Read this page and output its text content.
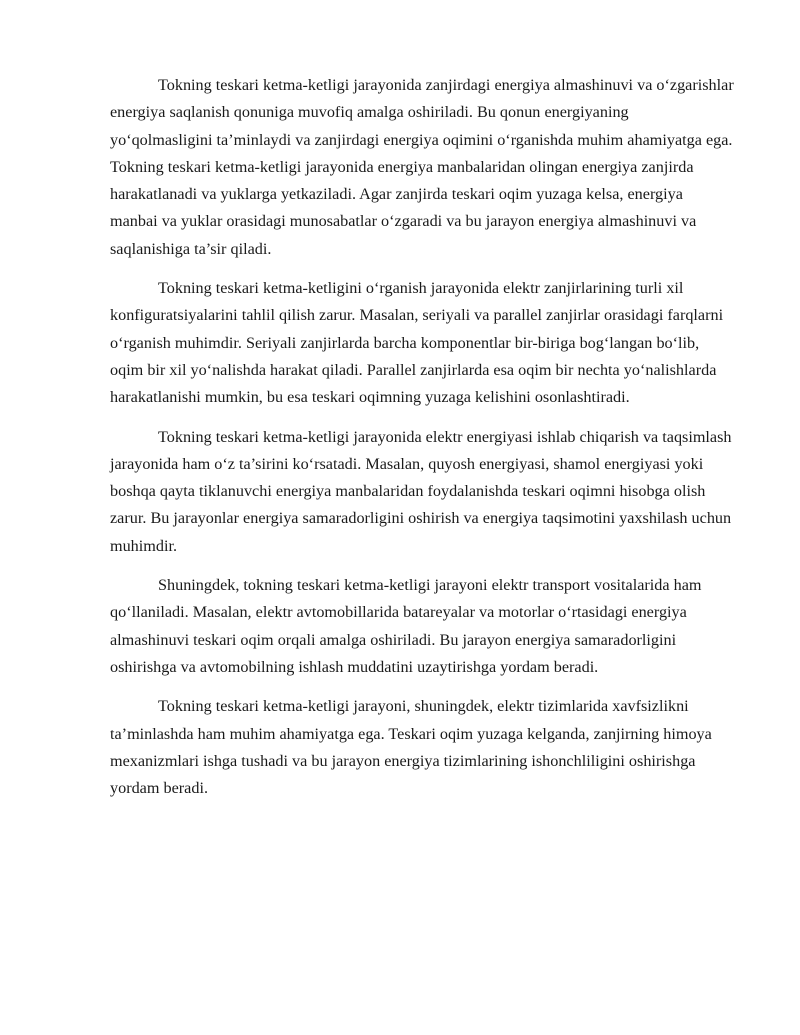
Tokning teskari ketma-ketligi jarayonida zanjirdagi energiya almashinuvi va o‘zgarishlar energiya saqlanish qonuniga muvofiq amalga oshiriladi. Bu qonun energiyaning yo‘qolmasligini ta’minlaydi va zanjirdagi energiya oqimini o‘rganishda muhim ahamiyatga ega. Tokning teskari ketma-ketligi jarayonida energiya manbalaridan olingan energiya zanjirda harakatlanadi va yuklarga yetkaziladi. Agar zanjirda teskari oqim yuzaga kelsa, energiya manbai va yuklar orasidagi munosabatlar o‘zgaradi va bu jarayon energiya almashinuvi va saqlanishiga ta’sir qiladi.

Tokning teskari ketma-ketligini o‘rganish jarayonida elektr zanjirlarining turli xil konfiguratsiyalarini tahlil qilish zarur. Masalan, seriyali va parallel zanjirlar orasidagi farqlarni o‘rganish muhimdir. Seriyali zanjirlarda barcha komponentlar bir-biriga bog‘langan bo‘lib, oqim bir xil yo‘nalishda harakat qiladi. Parallel zanjirlarda esa oqim bir nechta yo‘nalishlarda harakatlanishi mumkin, bu esa teskari oqimning yuzaga kelishini osonlashtiradi.

Tokning teskari ketma-ketligi jarayonida elektr energiyasi ishlab chiqarish va taqsimlash jarayonida ham o‘z ta’sirini ko‘rsatadi. Masalan, quyosh energiyasi, shamol energiyasi yoki boshqa qayta tiklanuvchi energiya manbalaridan foydalanishda teskari oqimni hisobga olish zarur. Bu jarayonlar energiya samaradorligini oshirish va energiya taqsimotini yaxshilash uchun muhimdir.

Shuningdek, tokning teskari ketma-ketligi jarayoni elektr transport vositalarida ham qo‘llaniladi. Masalan, elektr avtomobillarida batareyalar va motorlar o‘rtasidagi energiya almashinuvi teskari oqim orqali amalga oshiriladi. Bu jarayon energiya samaradorligini oshirishga va avtomobilning ishlash muddatini uzaytirishga yordam beradi.

Tokning teskari ketma-ketligi jarayoni, shuningdek, elektr tizimlarida xavfsizlikni ta’minlashda ham muhim ahamiyatga ega. Teskari oqim yuzaga kelganda, zanjirning himoya mexanizmlari ishga tushadi va bu jarayon energiya tizimlarining ishonchliligini oshirishga yordam beradi.
